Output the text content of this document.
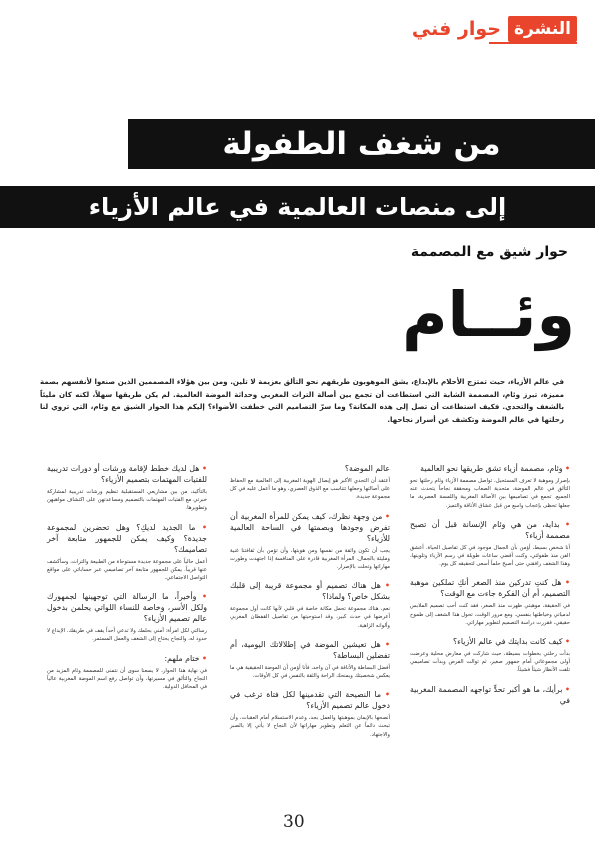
النشرة
حوار فني
من شغف الطفولة
إلى منصات العالمية في عالم الأزياء
حوار شيق مع المصممة
وئــام
في عالم الأزياء، حيث تمتزج الأحلام بالإبداع، يشق الموهوبون طريقهم نحو التألق بعزيمة لا تلين. ومن بين هؤلاء المصممين الذين صنعوا لأنفسهم بصمة مميزة، تبرز وئام، المصممة الشابة التي استطاعت أن تجمع بين أصالة التراث المغربي وحداثة الموضة العالمية. لم يكن طريقها سهلاً، لكنه كان مليئاً بالشغف والتحدي. فكيف استطاعت أن تصل إلى هذه المكانة؟ وما سرّ التصاميم التي خطفت الأضواء؟ إليكم هذا الحوار الشيق مع وئام، التي تروي لنا رحلتها في عالم الموضة وتكشف عن أسرار نجاحها.

• وئام، مصممة أزياء تشق طريقها نحو العالمية

بإصرار وموهبة لا تعرف المستحيل، تواصل مصممة الأزياء وئام رحلتها نحو التألق في عالم الموضة، متحدية الصعاب ومحققة نجاحاً يتحدث عنه الجميع. تجمع في تصاميمها بين الأصالة المغربية واللمسة العصرية، ما جعلها تحظى بإعجاب واسع من قبل عشاق الأناقة والتميز.

• بداية، من هي وئام الإنسانة قبل أن تصبح مصممة أزياء؟

أنا شخص بسيط، أؤمن بأن الجمال موجود في كل تفاصيل الحياة. أعشق الفن منذ طفولتي، وكنت أقضي ساعات طويلة في رسم الأزياء وتلوينها، وهذا الشغف رافقني حتى أصبح حلماً أسعى لتحقيقه كل يوم.

• هل كنتِ تدركين منذ الصغر أنكِ تملكين موهبة التصميم، أم أن الفكرة جاءت مع الوقت؟

في الحقيقة، موهبتي ظهرت منذ الصغر، فقد كنت أحب تصميم الملابس لدمياتي وخياطتها بنفسي. ومع مرور الوقت، تحول هذا الشغف إلى طموح حقيقي، فقررت دراسة التصميم لتطوير مهاراتي.

• كيف كانت بدايتك في عالم الأزياء؟

بدأت رحلتي بخطوات بسيطة، حيث شاركت في معارض محلية وعرضت أولى مجموعاتي أمام جمهور صغير، ثم توالت الفرص وبدأت تصاميمي تلفت الأنظار شيئاً فشيئاً.

• برأيك، ما هو أكبر تحدٍّ تواجهه المصممة المغربية في

عالم الموضة؟

أعتقد أن التحدي الأكبر هو إيصال الهوية المغربية إلى العالمية مع الحفاظ على أصالتها وجعلها تتناسب مع الذوق العصري، وهو ما أعمل عليه في كل مجموعة جديدة.

• من وجهة نظرك، كيف يمكن للمرأة المغربية أن تفرض وجودها وبصمتها في الساحة العالمية للأزياء؟

يجب أن تكون واثقة من نفسها ومن هويتها، وأن تؤمن بأن ثقافتنا غنية ومليئة بالجمال. المرأة المغربية قادرة على المنافسة إذا اجتهدت وطورت مهاراتها وتحلت بالإصرار.

• هل هناك تصميم أو مجموعة قريبة إلى قلبك بشكل خاص؟ ولماذا؟

نعم، هناك مجموعة تحمل مكانة خاصة في قلبي لأنها كانت أول مجموعة أعرضها في حدث كبير، وقد استوحيتها من تفاصيل القفطان المغربي وألوانه الزاهية.

• هل تعيشين الموضة في إطلالاتك اليومية، أم تفضلين البساطة؟

أفضل البساطة والأناقة في آن واحد، فأنا أؤمن أن الموضة الحقيقية هي ما يعكس شخصيتك ويمنحك الراحة والثقة بالنفس في كل الأوقات.

• ما النصيحة التي تقدمينها لكل فتاة ترغب في دخول عالم تصميم الأزياء؟

أنصحها بالإيمان بموهبتها والعمل بجد، وعدم الاستسلام أمام العقبات، وأن تبحث دائماً عن التعلم وتطوير مهاراتها لأن النجاح لا يأتي إلا بالصبر والاجتهاد.

• هل لديك خطط لإقامة ورشات أو دورات تدريبية للفتيات المهتمات بتصميم الأزياء؟

بالتأكيد، من بين مشاريعي المستقبلية تنظيم ورشات تدريبية لمشاركة خبرتي مع الفتيات المهتمات بالتصميم ومساعدتهن على اكتشاف مواهبهن وتطويرها.

• ما الجديد لديكِ؟ وهل تحضرين لمجموعة جديدة؟ وكيف يمكن للجمهور متابعة آخر تصاميمك؟

أعمل حالياً على مجموعة جديدة مستوحاة من الطبيعة والتراث، وسأكشف عنها قريباً. يمكن للجمهور متابعة آخر تصاميمي عبر حساباتي على مواقع التواصل الاجتماعي.

• وأخيراً، ما الرسالة التي توجهينها لجمهورك ولكل الأسر، وخاصة للنساء اللواتي يحلمن بدخول عالم تصميم الأزياء؟

رسالتي لكل امرأة: آمني بحلمك ولا تدعي أحداً يقف في طريقك. الإبداع لا حدود له، والنجاح يحتاج إلى الشغف والعمل المستمر.

• ختام ملهم:

في نهاية هذا الحوار، لا يسعنا سوى أن نتمنى للمصممة وئام المزيد من النجاح والتألق في مسيرتها، وأن تواصل رفع اسم الموضة المغربية عالياً في المحافل الدولية.

30
